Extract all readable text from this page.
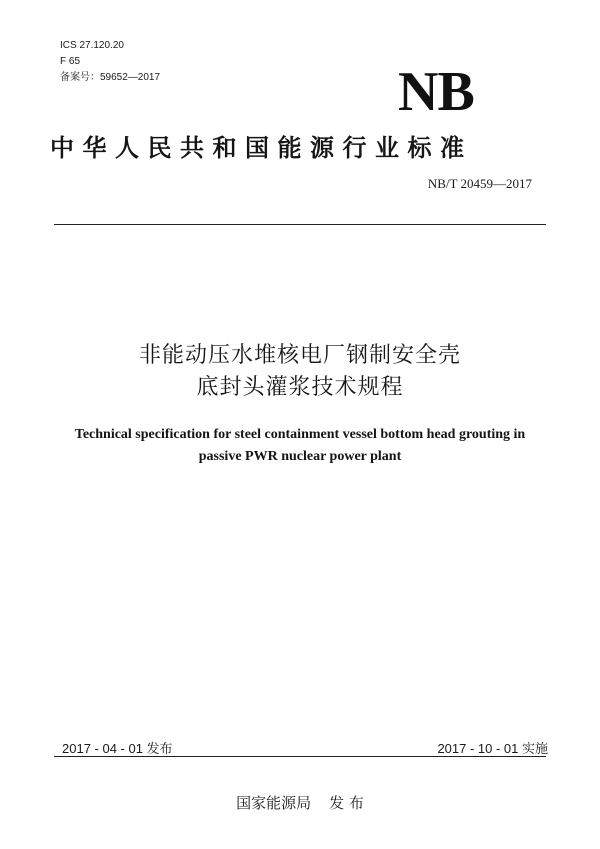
ICS 27.120.20
F 65
备案号：59652—2017	NB
中华人民共和国能源行业标准
NB/T 20459—2017
非能动压水堆核电厂钢制安全壳
底封头灌浆技术规程
Technical specification for steel containment vessel bottom head grouting in
passive PWR nuclear power plant
2017 - 04 - 01 发布	2017 - 10 - 01 实施
国家能源局 发 布
